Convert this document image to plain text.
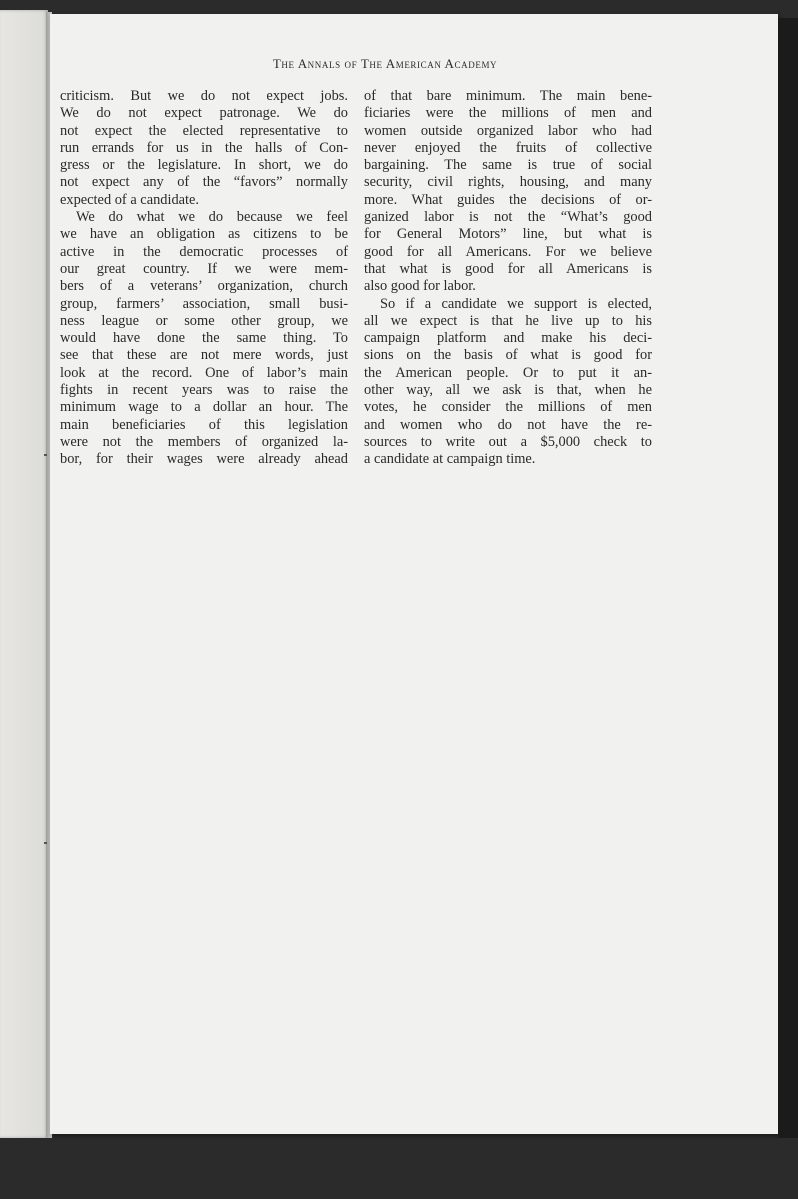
The Annals of The American Academy
criticism. But we do not expect jobs.
We do not expect patronage. We do
not expect the elected representative to
run errands for us in the halls of Con-
gress or the legislature. In short, we do
not expect any of the “favors” normally
expected of a candidate.
We do what we do because we feel
we have an obligation as citizens to be
active in the democratic processes of
our great country. If we were mem-
bers of a veterans’ organization, church
group, farmers’ association, small busi-
ness league or some other group, we
would have done the same thing. To
see that these are not mere words, just
look at the record. One of labor’s main
fights in recent years was to raise the
minimum wage to a dollar an hour. The
main beneficiaries of this legislation
were not the members of organized la-
bor, for their wages were already ahead
of that bare minimum. The main bene-
ficiaries were the millions of men and
women outside organized labor who had
never enjoyed the fruits of collective
bargaining. The same is true of social
security, civil rights, housing, and many
more. What guides the decisions of or-
ganized labor is not the “What’s good
for General Motors” line, but what is
good for all Americans. For we believe
that what is good for all Americans is
also good for labor.
So if a candidate we support is elected,
all we expect is that he live up to his
campaign platform and make his deci-
sions on the basis of what is good for
the American people. Or to put it an-
other way, all we ask is that, when he
votes, he consider the millions of men
and women who do not have the re-
sources to write out a $5,000 check to
a candidate at campaign time.
